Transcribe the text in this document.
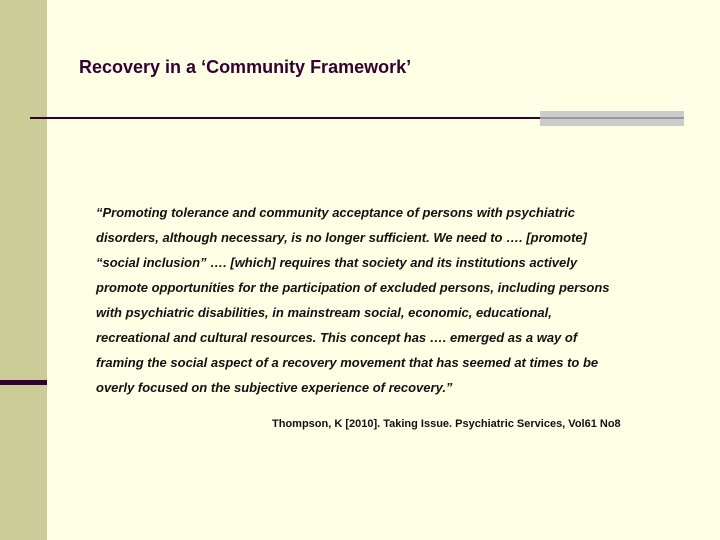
Recovery in a ‘Community Framework’
“Promoting tolerance and community acceptance of persons with psychiatric
disorders, although necessary, is no longer sufficient. We need to …. [promote]
“social inclusion” …. [which] requires that society and its institutions actively
promote opportunities for the participation of excluded persons, including persons
with psychiatric disabilities, in mainstream social, economic, educational,
recreational and cultural resources. This concept has …. emerged as a way of
framing the social aspect of a recovery movement that has seemed at times to be
overly focused on the subjective experience of recovery.”

Thompson, K [2010]. Taking Issue. Psychiatric Services, Vol61 No8
